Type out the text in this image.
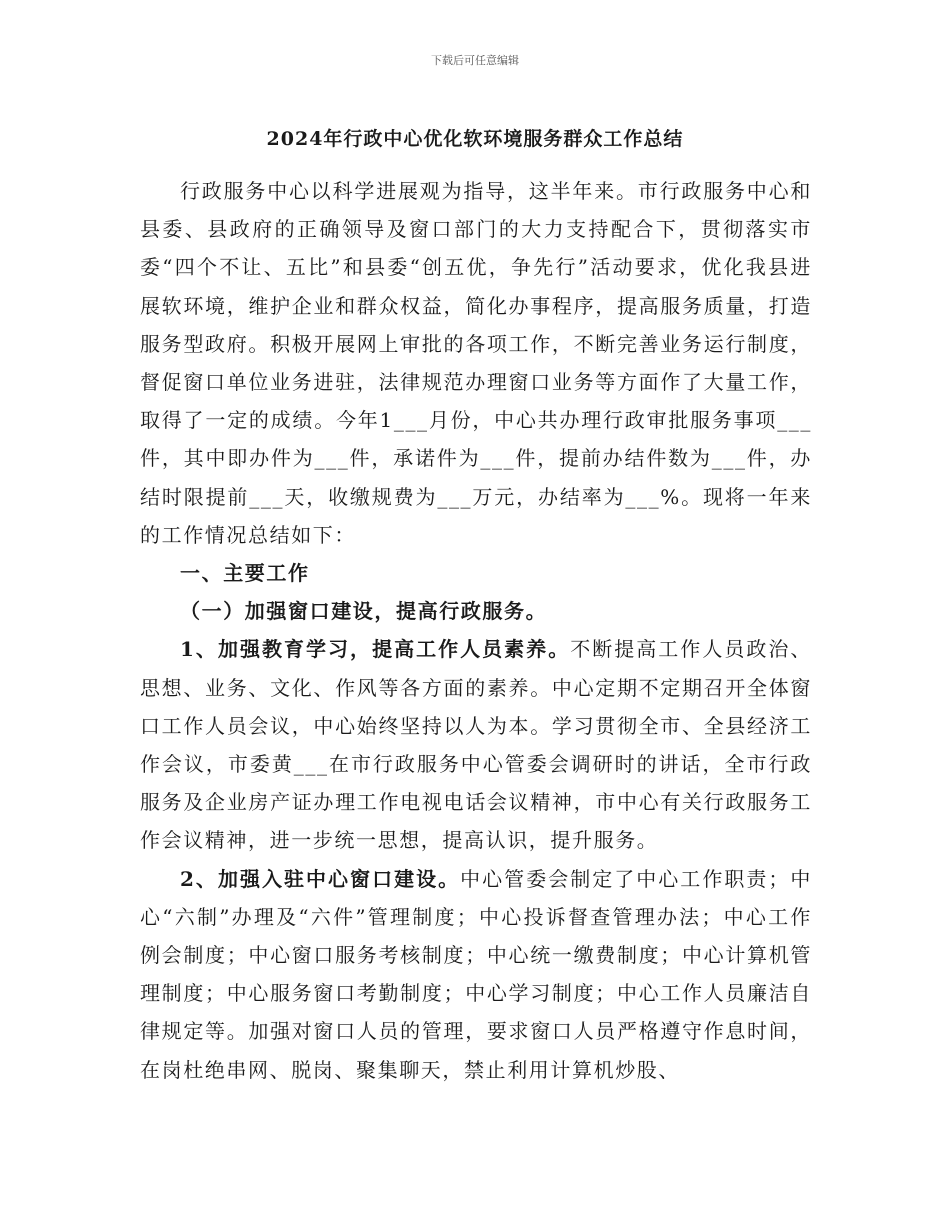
下载后可任意编辑
2024年行政中心优化软环境服务群众工作总结

行政服务中心以科学进展观为指导，这半年来。市行政服务中心和县委、县政府的正确领导及窗口部门的大力支持配合下，贯彻落实市委“四个不让、五比”和县委“创五优，争先行”活动要求，优化我县进展软环境，维护企业和群众权益，简化办事程序，提高服务质量，打造服务型政府。积极开展网上审批的各项工作，不断完善业务运行制度，督促窗口单位业务进驻，法律规范办理窗口业务等方面作了大量工作，取得了一定的成绩。今年1___月份，中心共办理行政审批服务事项___件，其中即办件为___件，承诺件为___件，提前办结件数为___件，办结时限提前___天，收缴规费为___万元，办结率为___%。现将一年来的工作情况总结如下：

一、主要工作

（一）加强窗口建设，提高行政服务。

1、加强教育学习，提高工作人员素养。不断提高工作人员政治、思想、业务、文化、作风等各方面的素养。中心定期不定期召开全体窗口工作人员会议，中心始终坚持以人为本。学习贯彻全市、全县经济工作会议，市委黄___在市行政服务中心管委会调研时的讲话，全市行政服务及企业房产证办理工作电视电话会议精神，市中心有关行政服务工作会议精神，进一步统一思想，提高认识，提升服务。

2、加强入驻中心窗口建设。中心管委会制定了中心工作职责；中心“六制”办理及“六件”管理制度；中心投诉督查管理办法；中心工作例会制度；中心窗口服务考核制度；中心统一缴费制度；中心计算机管理制度；中心服务窗口考勤制度；中心学习制度；中心工作人员廉洁自律规定等。加强对窗口人员的管理，要求窗口人员严格遵守作息时间，在岗杜绝串网、脱岗、聚集聊天，禁止利用计算机炒股、
